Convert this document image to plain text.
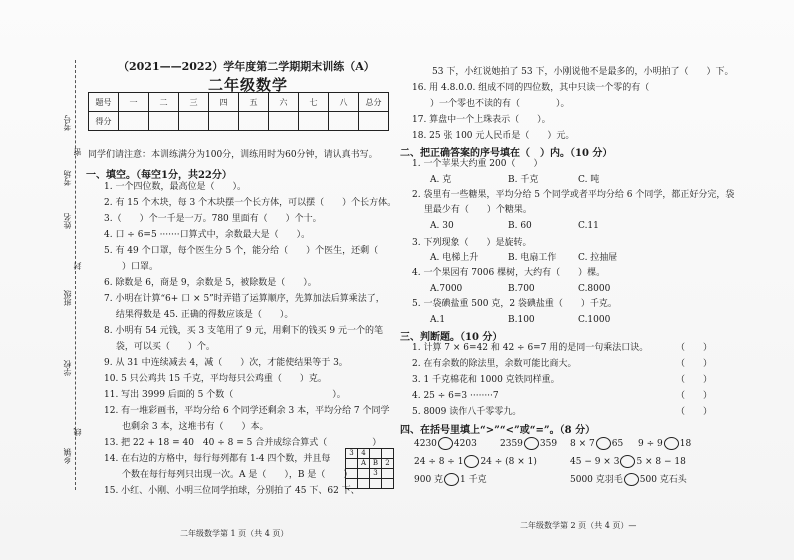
考号
考场
姓名
班级
学校
乡镇
密
封
线
（2021——2022）学年度第二学期期末训练（A）
二年级数学
题号	一	二	三	四	五	六	七	八	总分
得分									
同学们请注意：本训练满分为100分，训练用时为60分钟，请认真书写。
一、填空。（每空1分，共22分）
1. 一个四位数，最高位是（　　）。
2. 有 15 个木块，每 3 个木块摆一个长方体，可以摆（　　）个长方体。
3.（　　）个一千是一万。780 里面有（　　）个十。
4. 口 ÷ 6=5 ·······口算式中，余数最大是（　　）。
5. 有 49 个口罩，每个医生分 5 个，能分给（　　）个医生，还剩（
　　）口罩。
6. 除数是 6，商是 9，余数是 5，被除数是（　　）。
7. 小明在计算“6+ 口 × 5”时弄错了运算顺序，先算加法后算乘法了，
　 结果得数是 45. 正确的得数应该是（　　）。
8. 小明有 54 元钱，买 3 支笔用了 9 元，用剩下的钱买 9 元一个的笔
　 袋，可以买（　　）个。
9. 从 31 中连续减去 4，减（　　）次，才能使结果等于 3。
10. 5 只公鸡共 15 千克，平均每只公鸡重（　　）克。
11. 写出 3999 后面的 5 个数（　　　　　　　　　　　）。
12. 有一堆彩画书，平均分给 6 个同学还剩余 3 本，平均分给 7 个同学
　　也剩余 3 本，这堆书有（　　）本。
13. 把 22 + 18 = 40　40 ÷ 8 = 5 合并成综合算式（　　　　　）
14. 在右边的方格中，每行每列都有 1-4 四个数，并且每
　　个数在每行每列只出现一次。A 是（　　），B 是（　　）
15. 小红、小刚、小明三位同学拍球，分别拍了 45 下、62 下、
3	4		
	A	B	2
		3	

二年级数学第 1 页（共 4 页）
53 下，小红说她拍了 53 下，小刚说他不是最多的，小明拍了（　　）下。
16. 用 4.8.0.0. 组成不同的四位数，其中只读一个零的有（
　　）一个零也不读的有（　　　　）。
17. 算盘中一个上珠表示（　　）。
18. 25 张 100 元人民币是（　　）元。
二、把正确答案的序号填在（　）内。（10 分）
1. 一个苹果大约重 200（　　）
A. 克	B. 千克	C. 吨
2. 袋里有一些糖果，平均分给 5 个同学或者平均分给 6 个同学，都正好分完，袋
　 里最少有（　　）个糖果。
A. 30	B. 60	C.11
3. 下列现象（　　）是旋转。
A. 电梯上升	B. 电扇工作 C. 拉抽屉
4. 一个果园有 7006 棵树，大约有（　　）棵。
A.7000	B.700	C.8000
5. 一袋碘盐重 500 克，2 袋碘盐重（　　）千克。
A.1	B.100	C.1000
三、判断题。（10 分）
1. 计算 7 × 6=42 和 42 ÷ 6=7 用的是同一句乘法口诀。
2. 在有余数的除法里，余数可能比商大。
3. 1 千克棉花和 1000 克铁同样重。
4. 25 ÷ 6=3 ········7
5. 8009 读作八千零零九。
（　　）
（　　）
（　　）
（　　）
（　　）
四、在括号里填上“>”“<”或“=”。（8 分）
4230 4203	2359 359 8 × 7 65 9 ÷ 9 18
24 ÷ 8 ÷ 1 24 ÷ (8 × 1)	45 − 9 × 3 5 × 8 − 18
900 克 1 千克	5000 克羽毛 500 克石头
二年级数学第 2 页（共 4 页）—
